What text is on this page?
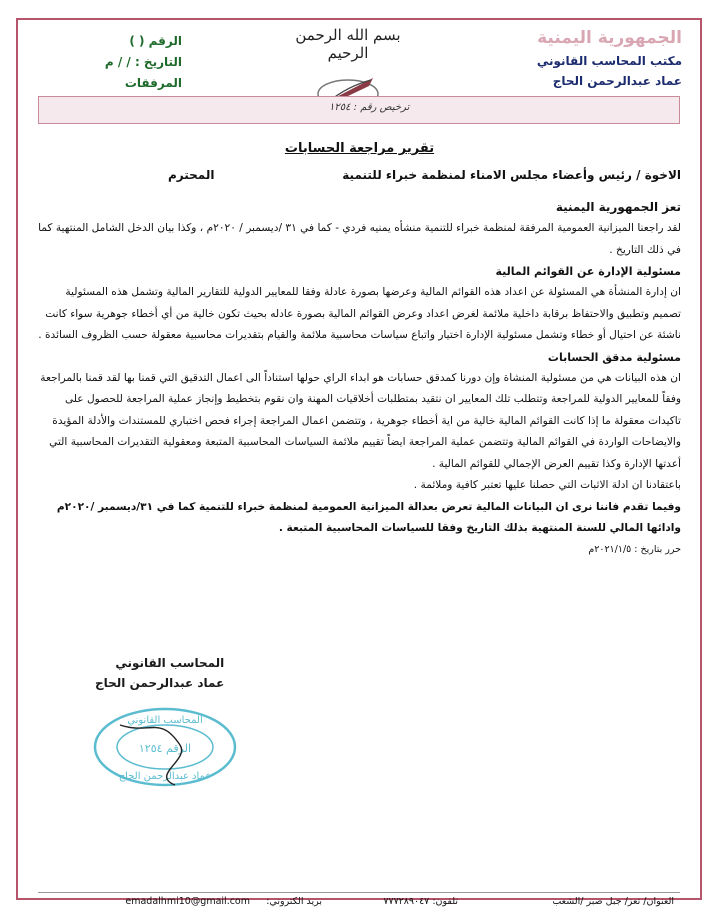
الجمهورية اليمنية
مكتب المحاسب القانوني
عماد عبدالرحمن الحاج
بسم الله الرحمن الرحيم
الرقم ( )
التاريخ : / / م
المرفقات
ترخيص رقم : ١٢٥٤
العنوان/ تعز/ جبل صبر /الشعب
تلفون: ٧٧٧٢٨٩٠٤٧
بريد الكتروني:
emadalhmi10@gmail.com
تقرير مراجعة الحسابات
الاخوة / رئيس وأعضاء مجلس الامناء لمنظمة خبراء للتنمية
المحترم
تعز الجمهورية اليمنية
لقد راجعنا الميزانية العمومية المرفقة لمنظمة خبراء للتنمية منشأه يمنيه فردي - كما في ٣١ /ديسمبر / ٢٠٢٠م ، وكذا بيان الدخل الشامل المنتهية كما في ذلك التاريخ .
مسئولية الإدارة عن القوائم المالية
ان إدارة المنشأة هي المسئولة عن اعداد هذه القوائم المالية وعرضها بصورة عادلة وفقا للمعايير الدولية للتقارير المالية وتشمل هذه المسئولية تصميم وتطبيق والاحتفاظ برقابة داخلية ملائمة لغرض اعداد وعرض القوائم المالية بصورة عادله بحيث تكون خالية من أي أخطاء جوهرية سواء كانت ناشئة عن احتيال أو خطاء وتشمل مسئولية الإدارة اختيار واتباع سياسات محاسبية ملائمة والقيام بتقديرات محاسبية معقولة حسب الظروف السائدة .
مسئولية مدقق الحسابات
ان هذه البيانات هي من مسئولية المنشاة وإن دورنا كمدقق حسابات هو ابداء الراي حولها استناداً الى اعمال التدقيق التي قمنا بها لقد قمنا بالمراجعة وفقاً للمعايير الدولية للمراجعة وتتطلب تلك المعايير ان نتقيد بمتطلبات أخلاقيات المهنة وان نقوم بتخطيط وإنجاز عملية المراجعة للحصول على تاكيدات معقولة ما إذا كانت القوائم المالية خالية من اية أخطاء جوهرية ، وتتضمن اعمال المراجعة إجراء فحص اختباري للمستندات والأدلة المؤيدة والايضاحات الواردة في القوائم المالية وتتضمن عملية المراجعة ايضاً تقييم ملائمة السياسات المحاسبية المتبعة ومعقولية التقديرات المحاسبية التي أعدتها الإدارة وكذا تقييم العرض الإجمالي للقوائم المالية .
باعتقادنا ان ادلة الاثبات التي حصلنا عليها تعتبر كافية وملائمة .
وفيما تقدم فاننا نرى ان البيانات المالية تعرض بعدالة الميزانية العمومية لمنظمة خبراء للتنمية كما في ٣١/ديسمبر /٢٠٢٠م وادائها المالي للسنة المنتهية بذلك التاريخ وفقا للسياسات المحاسبية المتبعة .
حرر بتاريخ : ٢٠٢١/١/٥م
المحاسب القانوني
عماد عبدالرحمن الحاج
المحاسب القانوني
الرقم ١٢٥٤
عماد عبدالرحمن الحاج
